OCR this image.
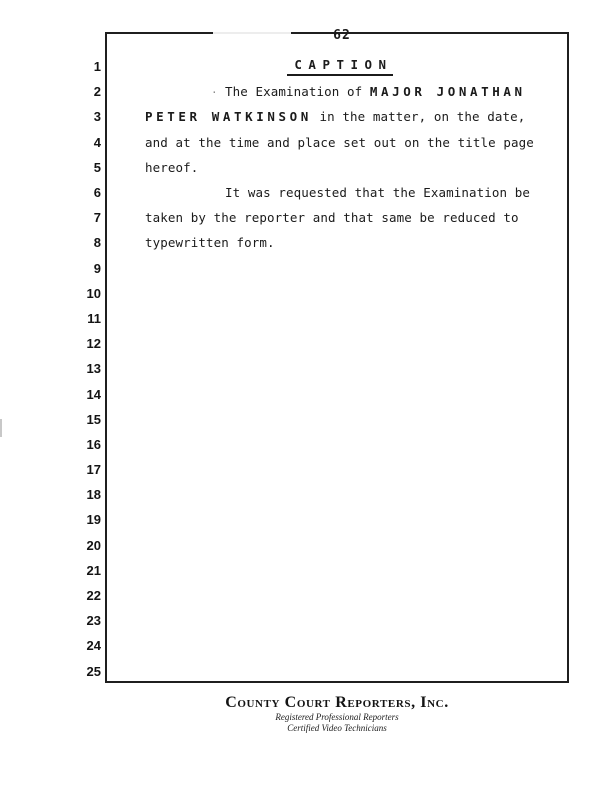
62
1	CAPTION
.
2	The Examination of MAJOR JONATHAN
3	PETER WATKINSON in the matter, on the date,
4	and at the time and place set out on the title page
5	hereof.
6	It was requested that the Examination be
7	taken by the reporter and that same be reduced to
8	typewritten form.
9
10
11
12
13
14
15
16
17
18
19
20
21
22
23
24
25
County Court Reporters, Inc.
Registered Professional Reporters
Certified Video Technicians
